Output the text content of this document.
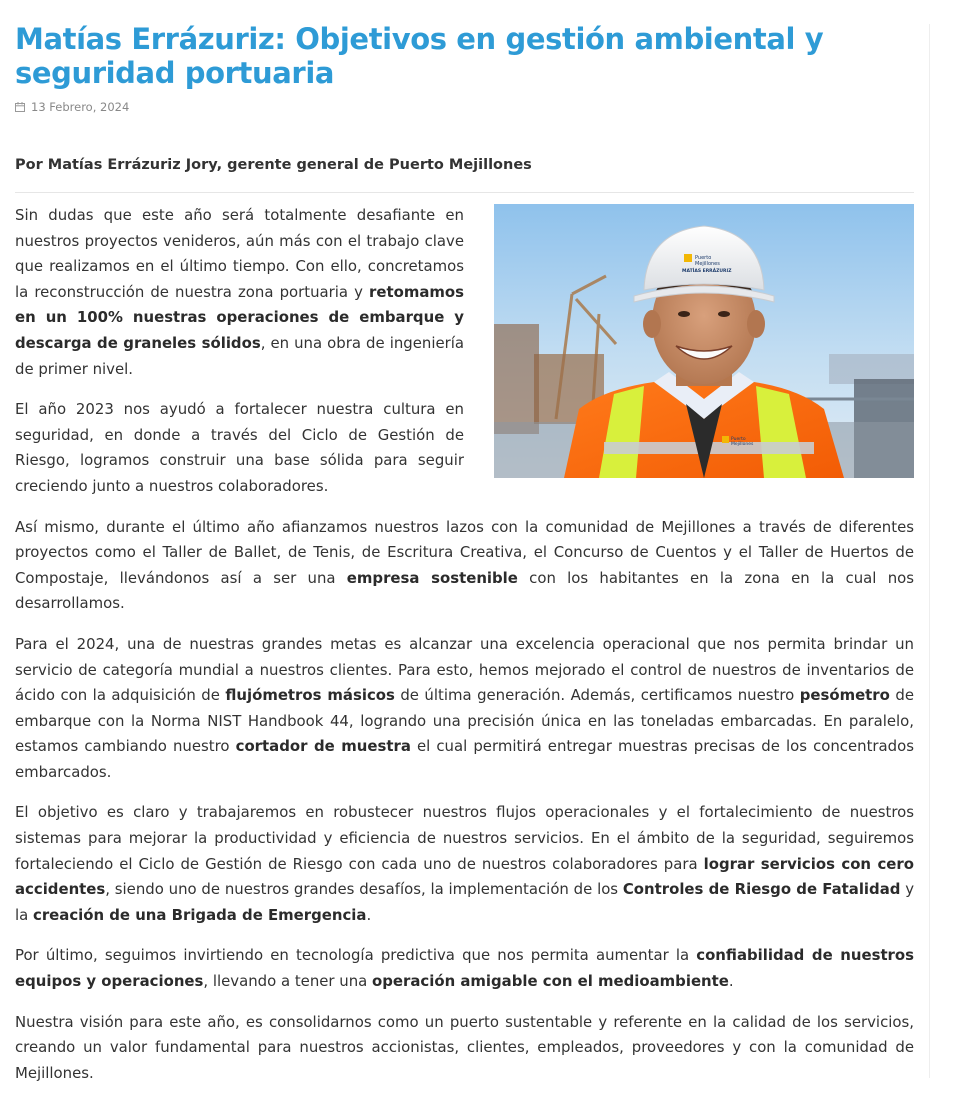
Matías Errázuriz: Objetivos en gestión ambiental y seguridad portuaria
13 Febrero, 2024
Por Matías Errázuriz Jory, gerente general de Puerto Mejillones
Puerto
Mejillones
MATÍAS ERRÁZURIZ
Puerto
Mejillones

Sin dudas que este año será totalmente desafiante en nuestros proyectos venideros, aún más con el trabajo clave que realizamos en el último tiempo. Con ello, concretamos la reconstrucción de nuestra zona portuaria y retomamos en un 100% nuestras operaciones de embarque y descarga de graneles sólidos, en una obra de ingeniería de primer nivel.

El año 2023 nos ayudó a fortalecer nuestra cultura en seguridad, en donde a través del Ciclo de Gestión de Riesgo, logramos construir una base sólida para seguir creciendo junto a nuestros colaboradores.

Así mismo, durante el último año afianzamos nuestros lazos con la comunidad de Mejillones a través de diferentes proyectos como el Taller de Ballet, de Tenis, de Escritura Creativa, el Concurso de Cuentos y el Taller de Huertos de Compostaje, llevándonos así a ser una empresa sostenible con los habitantes en la zona en la cual nos desarrollamos.

Para el 2024, una de nuestras grandes metas es alcanzar una excelencia operacional que nos permita brindar un servicio de categoría mundial a nuestros clientes. Para esto, hemos mejorado el control de nuestros de inventarios de ácido con la adquisición de flujómetros másicos de última generación. Además, certificamos nuestro pesómetro de embarque con la Norma NIST Handbook 44, logrando una precisión única en las toneladas embarcadas. En paralelo, estamos cambiando nuestro cortador de muestra el cual permitirá entregar muestras precisas de los concentrados embarcados.

El objetivo es claro y trabajaremos en robustecer nuestros flujos operacionales y el fortalecimiento de nuestros sistemas para mejorar la productividad y eficiencia de nuestros servicios. En el ámbito de la seguridad, seguiremos fortaleciendo el Ciclo de Gestión de Riesgo con cada uno de nuestros colaboradores para lograr servicios con cero accidentes, siendo uno de nuestros grandes desafíos, la implementación de los Controles de Riesgo de Fatalidad y la creación de una Brigada de Emergencia.

Por último, seguimos invirtiendo en tecnología predictiva que nos permita aumentar la confiabilidad de nuestros equipos y operaciones, llevando a tener una operación amigable con el medioambiente.

Nuestra visión para este año, es consolidarnos como un puerto sustentable y referente en la calidad de los servicios, creando un valor fundamental para nuestros accionistas, clientes, empleados, proveedores y con la comunidad de Mejillones.
